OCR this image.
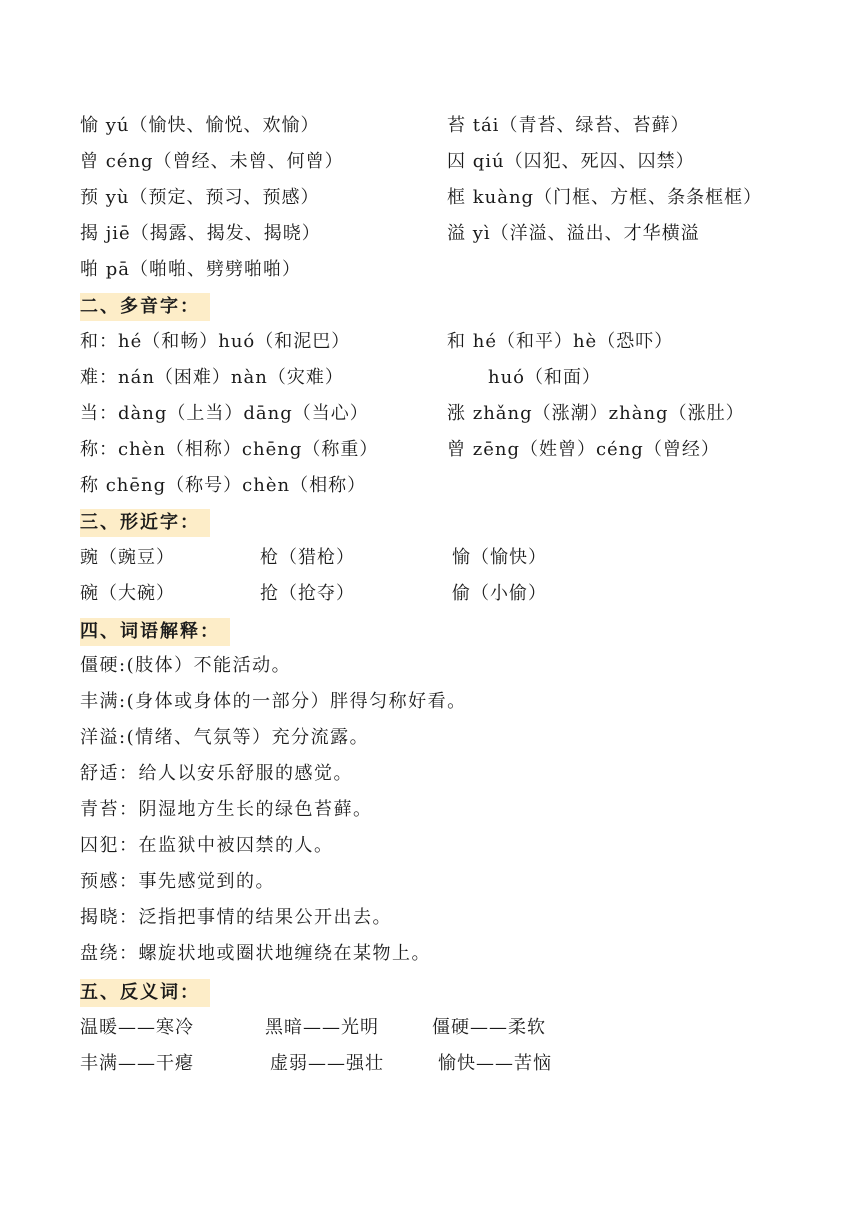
愉 yú（愉快、愉悦、欢愉）	苔 tái（青苔、绿苔、苔藓）
曾 céng（曾经、未曾、何曾）	囚 qiú（囚犯、死囚、囚禁）
预 yù（预定、预习、预感）	框 kuàng（门框、方框、条条框框）
揭 jiē（揭露、揭发、揭晓）	溢 yì（洋溢、溢出、才华横溢
啪 pā（啪啪、劈劈啪啪）
二、多音字：
和：hé（和畅）huó（和泥巴）	和 hé（和平）hè（恐吓）
难：nán（困难）nàn（灾难）	huó（和面）
当：dàng（上当）dāng（当心）	涨 zhǎng（涨潮）zhàng（涨肚）
称：chèn（相称）chēng（称重）	曾 zēng（姓曾）céng（曾经）
称 chēng（称号）chèn（相称）
三、形近字：
豌（豌豆）	枪（猎枪）	愉（愉快）
碗（大碗）	抢（抢夺）	偷（小偷）
四、词语解释：
僵硬:(肢体）不能活动。
丰满:(身体或身体的一部分）胖得匀称好看。
洋溢:(情绪、气氛等）充分流露。
舒适：给人以安乐舒服的感觉。
青苔：阴湿地方生长的绿色苔藓。
囚犯：在监狱中被囚禁的人。
预感：事先感觉到的。
揭晓：泛指把事情的结果公开出去。
盘绕：螺旋状地或圈状地缠绕在某物上。
五、反义词：
温暖——寒冷	黑暗——光明	僵硬——柔软
丰满——干瘪	虚弱——强壮	愉快——苦恼
